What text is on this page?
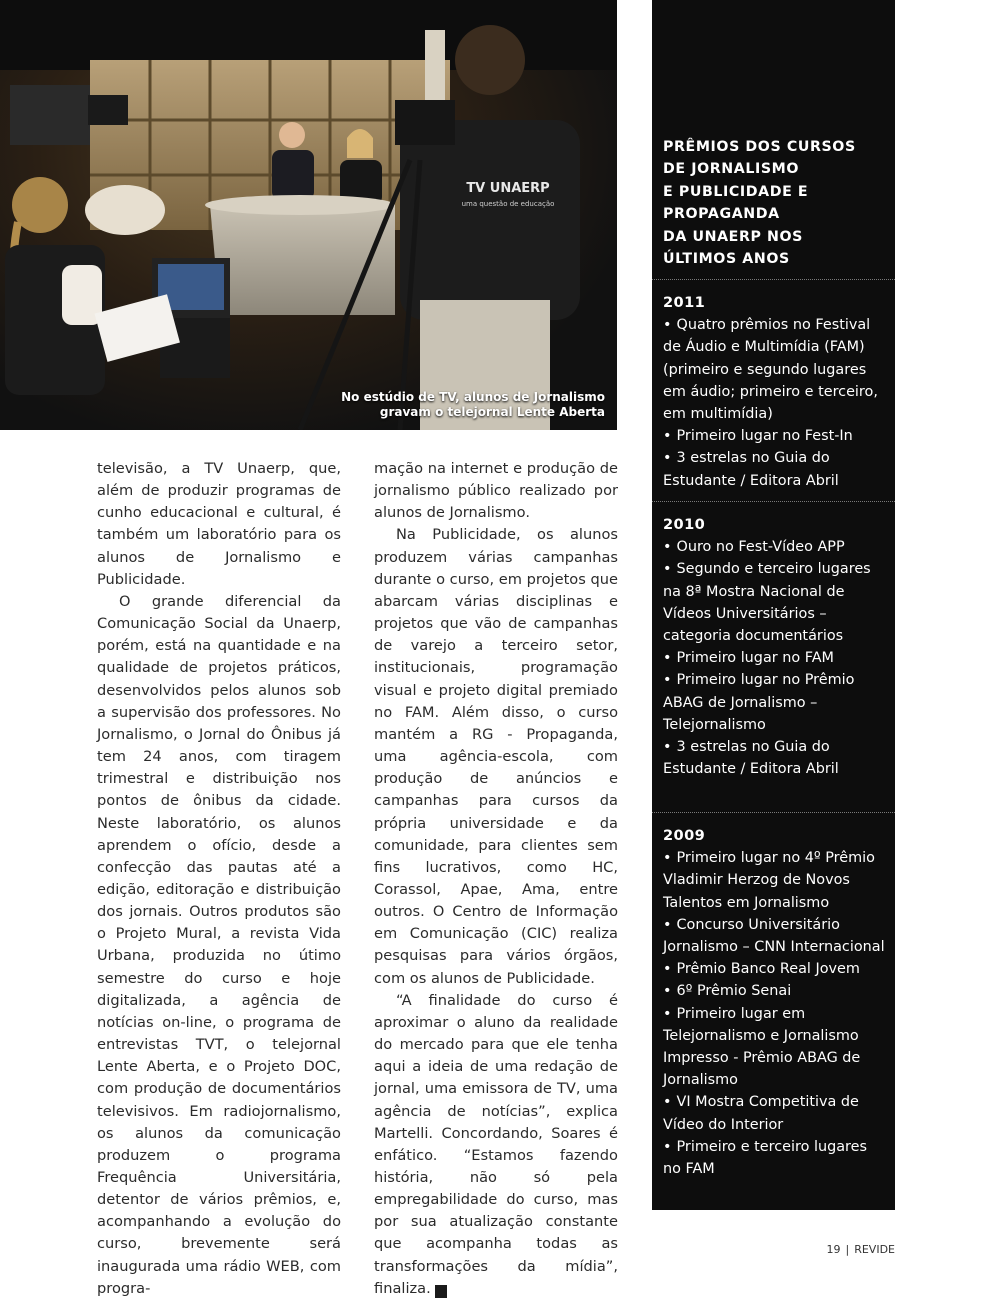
TV UNAERP
uma questão de educação
No estúdio de TV, alunos de Jornalismo
gravam o telejornal Lente Aberta

televisão, a TV Unaerp, que, além de produzir programas de cunho educacional e cultural, é também um laboratório para os alunos de Jornalismo e Publicidade.

O grande diferencial da Comunicação Social da Unaerp, porém, está na quantidade e na qualidade de projetos práticos, desenvolvidos pelos alunos sob a supervisão dos professores. No Jornalismo, o Jornal do Ônibus já tem 24 anos, com tiragem trimestral e distribuição nos pontos de ônibus da cidade. Neste laboratório, os alunos aprendem o ofício, desde a confecção das pautas até a edição, editoração e distribuição dos jornais. Outros produtos são o Projeto Mural, a revista Vida Urbana, produzida no útimo semestre do curso e hoje digitalizada, a agência de notícias on-line, o programa de entrevistas TVT, o telejornal Lente Aberta, e o Projeto DOC, com produção de documentários televisivos. Em radiojornalismo, os alunos da comunicação produzem o programa Frequência Universitária, detentor de vários prêmios, e, acompanhando a evolução do curso, brevemente será inaugurada uma rádio WEB, com progra-

mação na internet e produção de jornalismo público realizado por alunos de Jornalismo.

Na Publicidade, os alunos produzem várias campanhas durante o curso, em projetos que abarcam várias disciplinas e projetos que vão de campanhas de varejo a terceiro setor, institucionais, programação visual e projeto digital premiado no FAM. Além disso, o curso mantém a RG - Propaganda, uma agência-escola, com produção de anúncios e campanhas para cursos da própria universidade e da comunidade, para clientes sem fins lucrativos, como HC, Corassol, Apae, Ama, entre outros. O Centro de Informação em Comunicação (CIC) realiza pesquisas para vários órgãos, com os alunos de Publicidade.

“A finalidade do curso é aproximar o aluno da realidade do mercado para que ele tenha aqui a ideia de uma redação de jornal, uma emissora de TV, uma agência de notícias”, explica Martelli. Concordando, Soares é enfático. “Estamos fazendo história, não só pela empregabilidade do curso, mas por sua atualização constante que acompanha todas as transformações da mídia”, finaliza.	r

PRÊMIOS DOS CURSOS
DE JORNALISMO
E PUBLICIDADE E
PROPAGANDA
DA UNAERP NOS
ÚLTIMOS ANOS
2011

• Quatro prêmios no Festival de Áudio e Multimídia (FAM) (primeiro e segundo lugares em áudio; primeiro e terceiro, em multimídia)

• Primeiro lugar no Fest-In

• 3 estrelas no Guia do Estudante / Editora Abril

2010

• Ouro no Fest-Vídeo APP

• Segundo e terceiro lugares na 8ª Mostra Nacional de Vídeos Universitários – categoria documentários

• Primeiro lugar no FAM

• Primeiro lugar no Prêmio ABAG de Jornalismo – Telejornalismo

• 3 estrelas no Guia do Estudante / Editora Abril

2009

• Primeiro lugar no 4º Prêmio Vladimir Herzog de Novos Talentos em Jornalismo

• Concurso Universitário Jornalismo – CNN Internacional

• Prêmio Banco Real Jovem

• 6º Prêmio Senai

• Primeiro lugar em Telejornalismo e Jornalismo Impresso - Prêmio ABAG de Jornalismo

• VI Mostra Competitiva de Vídeo do Interior

• Primeiro e terceiro lugares no FAM

19 | REVIDE
